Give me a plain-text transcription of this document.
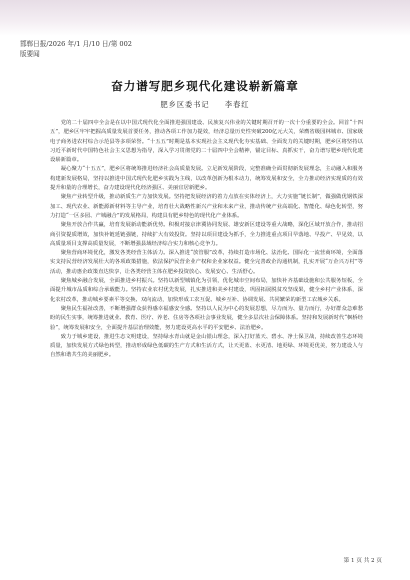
邯郸日报/2026 年/1 月/10 日/第 002
版要闻
奋力谱写肥乡现代化建设崭新篇章
肥乡区委书记 李春红

党的二十届四中全会是在以中国式现代化全面推进强国建设、民族复兴伟业的关键时期召开的一次十分重要的全会。回首“十四五”，肥乡区牢牢把握高质量发展首要任务，推动各项工作加力提效，经济总量历史性突破200亿元大关，荣膺省级园林城市、国家级电子商务进农村综合示范县等多项荣誉。“十五五”时期是基本实现社会主义现代化夯实基础、全面发力的关键时期，肥乡区将坚持以习近平新时代中国特色社会主义思想为指导，深入学习贯彻党的二十届四中全会精神，锚定目标、真抓实干，奋力谱写肥乡现代化建设崭新篇章。

凝心聚力“十五五”，肥乡区将统筹推进经济社会高质量发展。立足新发展阶段，完整准确全面贯彻新发展理念，主动融入和服务构建新发展格局，坚持以推进中国式现代化肥乡实践为主线，以改革创新为根本动力，统筹发展和安全，全力推动经济实现质的有效提升和量的合理增长，奋力建设现代化经济强区、美丽宜居新肥乡。

聚焦产业转型升级，推动新质生产力加快发展。坚持把发展经济的着力点放在实体经济上，大力实施“链长制”，做强做优钢铁深加工、现代农业、新能源新材料等主导产业，培育壮大战略性新兴产业和未来产业，推动传统产业高端化、智能化、绿色化转型，努力打造“一区多园、产城融合”的发展格局，构建具有肥乡特色的现代化产业体系。

聚焦开放合作共赢，培育发展新动能新优势。积极对接京津冀协同发展、雄安新区建设等重大战略，深化区域开放合作，推动招商引资提质增效，加快补链延链强链，持续扩大有效投资。坚持以项目建设为抓手，全力推进重点项目早落地、早投产、早见效，以高质量项目支撑高质量发展，不断增强县域经济综合实力和核心竞争力。

聚焦营商环境优化，激发各类经营主体活力。深入推进“放管服”改革，持续打造市场化、法治化、国际化一流营商环境，全面落实支持民营经济发展壮大的各项政策措施，依法保护民营企业产权和企业家权益。健全完善政企沟通机制，扎实开展“万企兴万村”等活动，推动惠企政策直达快享，让各类经营主体在肥乡投资放心、发展安心、生活舒心。

聚焦城乡融合发展，全面推进乡村振兴。坚持以新型城镇化为引领，优化城市空间布局，加快补齐基础设施和公共服务短板，全面提升城市品质和综合承载能力。坚持农业农村优先发展，扎实推进和美乡村建设，巩固拓展脱贫攻坚成果，健全乡村产业体系，深化农村改革，推动城乡要素平等交换、双向流动，加快形成工农互促、城乡互补、协调发展、共同繁荣的新型工农城乡关系。

聚焦民生福祉改善，不断增强群众获得感幸福感安全感。坚持以人民为中心的发展思想，尽力而为、量力而行，办好群众急难愁盼的民生实事，统筹推进就业、教育、医疗、养老、住房等各项社会事业发展，健全多层次社会保障体系。坚持和发展新时代“枫桥经验”，统筹发展和安全，全面提升基层治理效能，努力建设更高水平的平安肥乡、法治肥乡。

致力于城乡建设，推进生态文明建设，坚持绿水青山就是金山银山理念，深入打好蓝天、碧水、净土保卫战，持续改善生态环境质量，加快发展方式绿色转型，推动形成绿色低碳的生产方式和生活方式，让天更蓝、水更清、地更绿、环境更优美，努力建设人与自然和谐共生的美丽肥乡。

第 1 页 共 2 页
